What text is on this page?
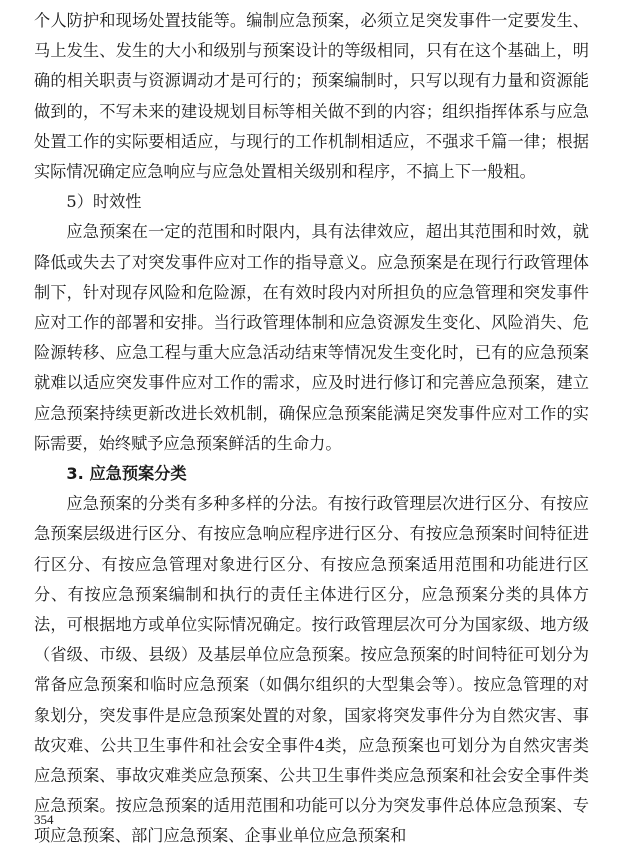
个人防护和现场处置技能等。编制应急预案，必须立足突发事件一定要发生、马上发生、发生的大小和级别与预案设计的等级相同，只有在这个基础上，明确的相关职责与资源调动才是可行的；预案编制时，只写以现有力量和资源能做到的，不写未来的建设规划目标等相关做不到的内容；组织指挥体系与应急处置工作的实际要相适应，与现行的工作机制相适应，不强求千篇一律；根据实际情况确定应急响应与应急处置相关级别和程序，不搞上下一般粗。

5）时效性

应急预案在一定的范围和时限内，具有法律效应，超出其范围和时效，就降低或失去了对突发事件应对工作的指导意义。应急预案是在现行行政管理体制下，针对现存风险和危险源，在有效时段内对所担负的应急管理和突发事件应对工作的部署和安排。当行政管理体制和应急资源发生变化、风险消失、危险源转移、应急工程与重大应急活动结束等情况发生变化时，已有的应急预案就难以适应突发事件应对工作的需求，应及时进行修订和完善应急预案，建立应急预案持续更新改进长效机制，确保应急预案能满足突发事件应对工作的实际需要，始终赋予应急预案鲜活的生命力。

3. 应急预案分类

应急预案的分类有多种多样的分法。有按行政管理层次进行区分、有按应急预案层级进行区分、有按应急响应程序进行区分、有按应急预案时间特征进行区分、有按应急管理对象进行区分、有按应急预案适用范围和功能进行区分、有按应急预案编制和执行的责任主体进行区分，应急预案分类的具体方法，可根据地方或单位实际情况确定。按行政管理层次可分为国家级、地方级（省级、市级、县级）及基层单位应急预案。按应急预案的时间特征可划分为常备应急预案和临时应急预案（如偶尔组织的大型集会等）。按应急管理的对象划分，突发事件是应急预案处置的对象，国家将突发事件分为自然灾害、事故灾难、公共卫生事件和社会安全事件4类，应急预案也可划分为自然灾害类应急预案、事故灾难类应急预案、公共卫生事件类应急预案和社会安全事件类应急预案。按应急预案的适用范围和功能可以分为突发事件总体应急预案、专项应急预案、部门应急预案、企事业单位应急预案和

354
